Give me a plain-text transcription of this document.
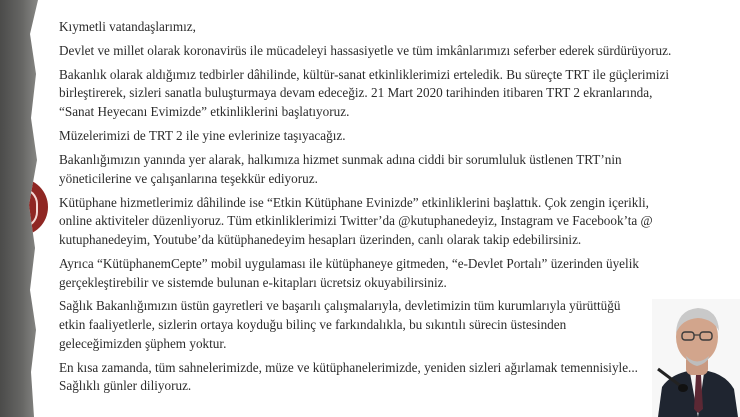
Kıymetli vatandaşlarımız,

Devlet ve millet olarak koronavirüs ile mücadeleyi hassasiyetle ve tüm imkânlarımızı seferber ederek sürdürüyoruz.

Bakanlık olarak aldığımız tedbirler dâhilinde, kültür-sanat etkinliklerimizi erteledik. Bu süreçte TRT ile güçlerimizi birleştirerek, sizleri sanatla buluşturmaya devam edeceğiz. 21 Mart 2020 tarihinden itibaren TRT 2 ekranlarında, “Sanat Heyecanı Evimizde” etkinliklerini başlatıyoruz.

Müzelerimizi de TRT 2 ile yine evlerinize taşıyacağız.

Bakanlığımızın yanında yer alarak, halkımıza hizmet sunmak adına ciddi bir sorumluluk üstlenen TRT’nin yöneticilerine ve çalışanlarına teşekkür ediyoruz.

Kütüphane hizmetlerimiz dâhilinde ise “Etkin Kütüphane Evinizde” etkinliklerini başlattık. Çok zengin içerikli, online aktiviteler düzenliyoruz. Tüm etkinliklerimizi Twitter’da @kutuphanedeyiz, Instagram ve Facebook’ta @ kutuphanedeyim, Youtube’da kütüphanedeyim hesapları üzerinden, canlı olarak takip edebilirsiniz.

Ayrıca “KütüphanemCepte” mobil uygulaması ile kütüphaneye gitmeden, “e-Devlet Portalı” üzerinden üyelik gerçekleştirebilir ve sistemde bulunan e-kitapları ücretsiz okuyabilirsiniz.

Sağlık Bakanlığımızın üstün gayretleri ve başarılı çalışmalarıyla, devletimizin tüm kurumlarıyla yürüttüğü etkin faaliyetlerle, sizlerin ortaya koyduğu bilinç ve farkındalıkla, bu sıkıntılı sürecin üstesinden geleceğimizden şüphem yoktur.

En kısa zamanda, tüm sahnelerimizde, müze ve kütüphanelerimizde, yeniden sizleri ağırlamak temennisiyle... Sağlıklı günler diliyoruz.
